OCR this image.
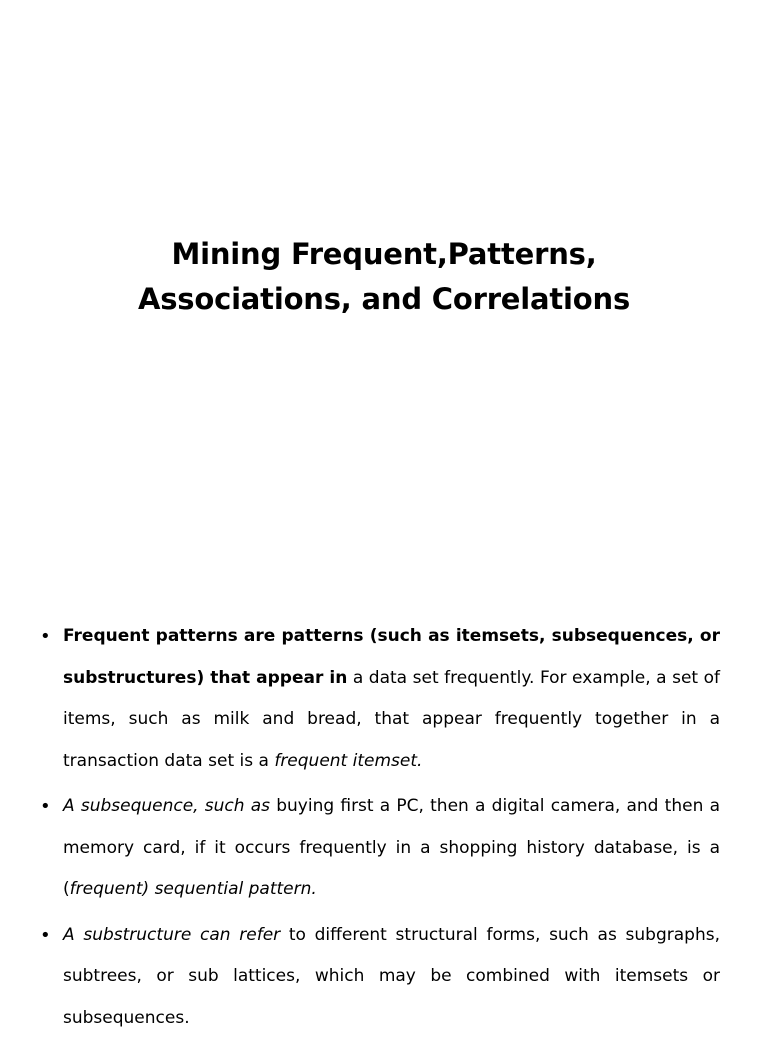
Mining Frequent,Patterns,
Associations, and Correlations
• Frequent patterns are patterns (such as itemsets, subsequences, or substructures) that appear in a data set frequently. For example, a set of items, such as milk and bread, that appear frequently together in a transaction data set is a frequent itemset.
• A subsequence, such as buying first a PC, then a digital camera, and then a memory card, if it occurs frequently in a shopping history database, is a (frequent) sequential pattern.
• A substructure can refer to different structural forms, such as subgraphs, subtrees, or sub lattices, which may be combined with itemsets or subsequences.
